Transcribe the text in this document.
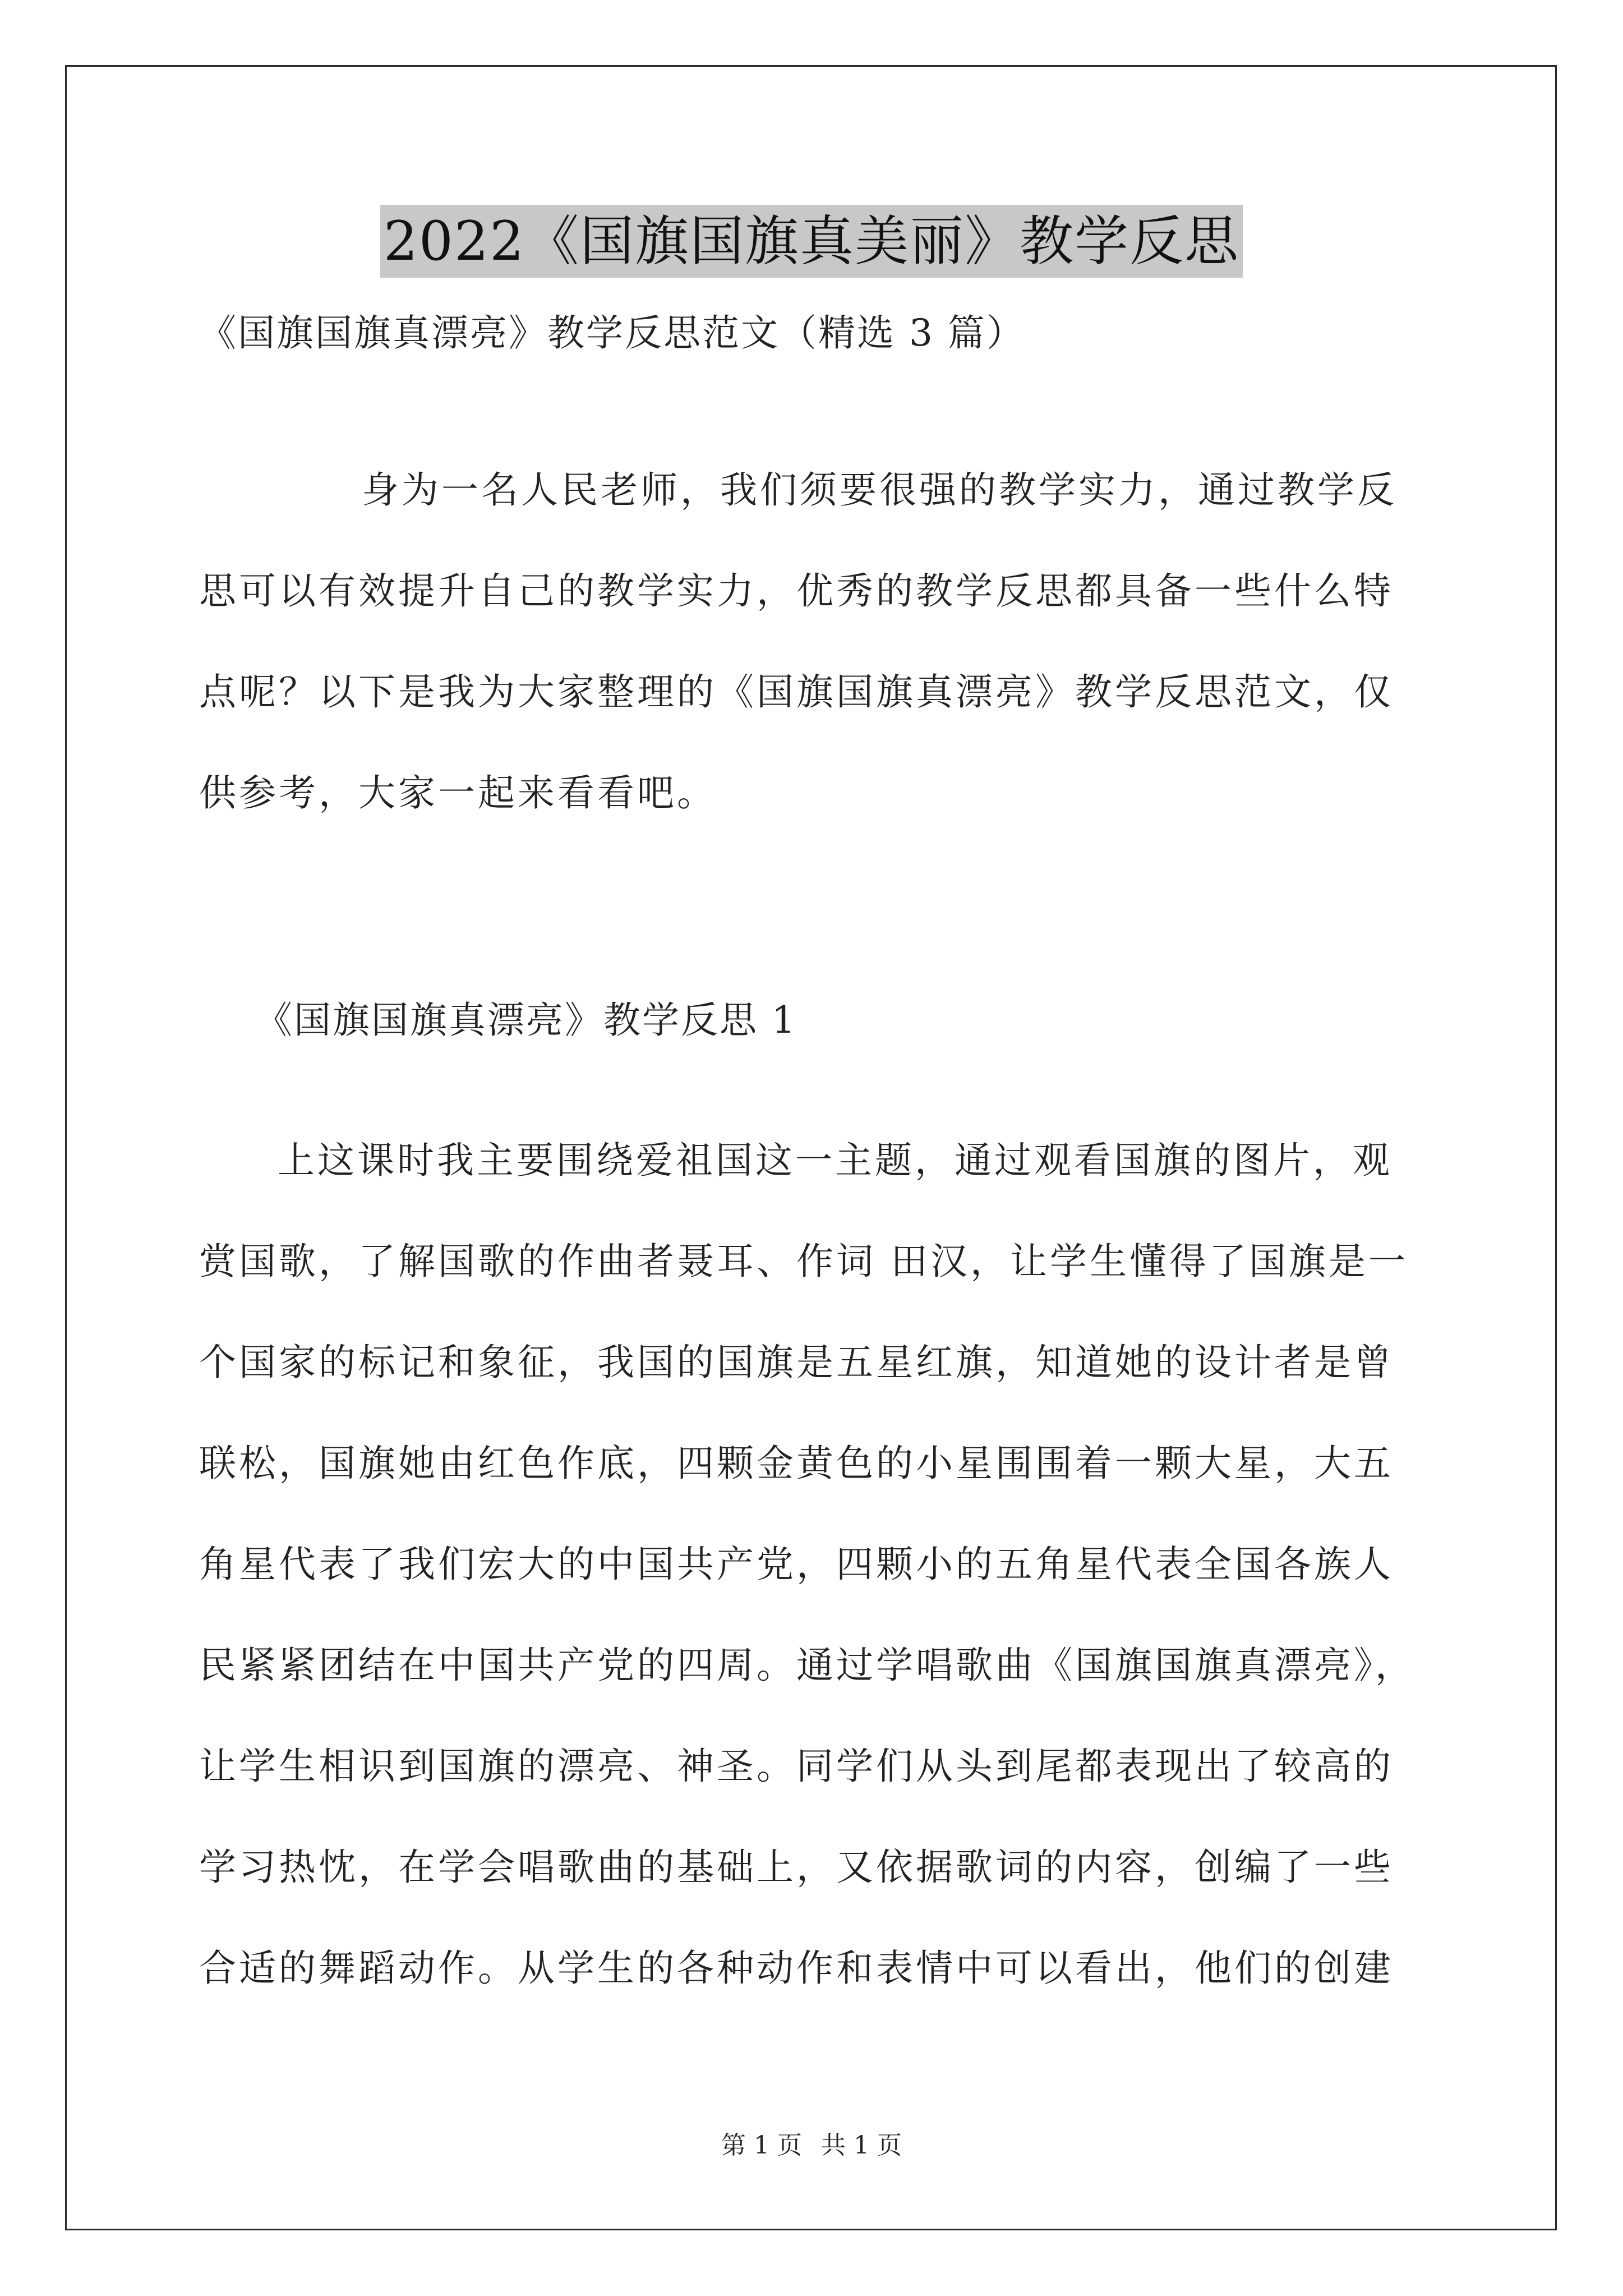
2022《国旗国旗真美丽》教学反思
《国旗国旗真漂亮》教学反思范文（精选 3 篇）
身为一名人民老师，我们须要很强的教学实力，通过教学反
思可以有效提升自己的教学实力，优秀的教学反思都具备一些什么特
点呢？以下是我为大家整理的《国旗国旗真漂亮》教学反思范文，仅
供参考，大家一起来看看吧。
《国旗国旗真漂亮》教学反思 1
上这课时我主要围绕爱祖国这一主题，通过观看国旗的图片，观
赏国歌，了解国歌的作曲者聂耳、作词 田汉，让学生懂得了国旗是一
个国家的标记和象征，我国的国旗是五星红旗，知道她的设计者是曾
联松，国旗她由红色作底，四颗金黄色的小星围围着一颗大星，大五
角星代表了我们宏大的中国共产党，四颗小的五角星代表全国各族人
民紧紧团结在中国共产党的四周。通过学唱歌曲《国旗国旗真漂亮》，
让学生相识到国旗的漂亮、神圣。同学们从头到尾都表现出了较高的
学习热忱，在学会唱歌曲的基础上，又依据歌词的内容，创编了一些
合适的舞蹈动作。从学生的各种动作和表情中可以看出，他们的创建
第 1 页 共 1 页
